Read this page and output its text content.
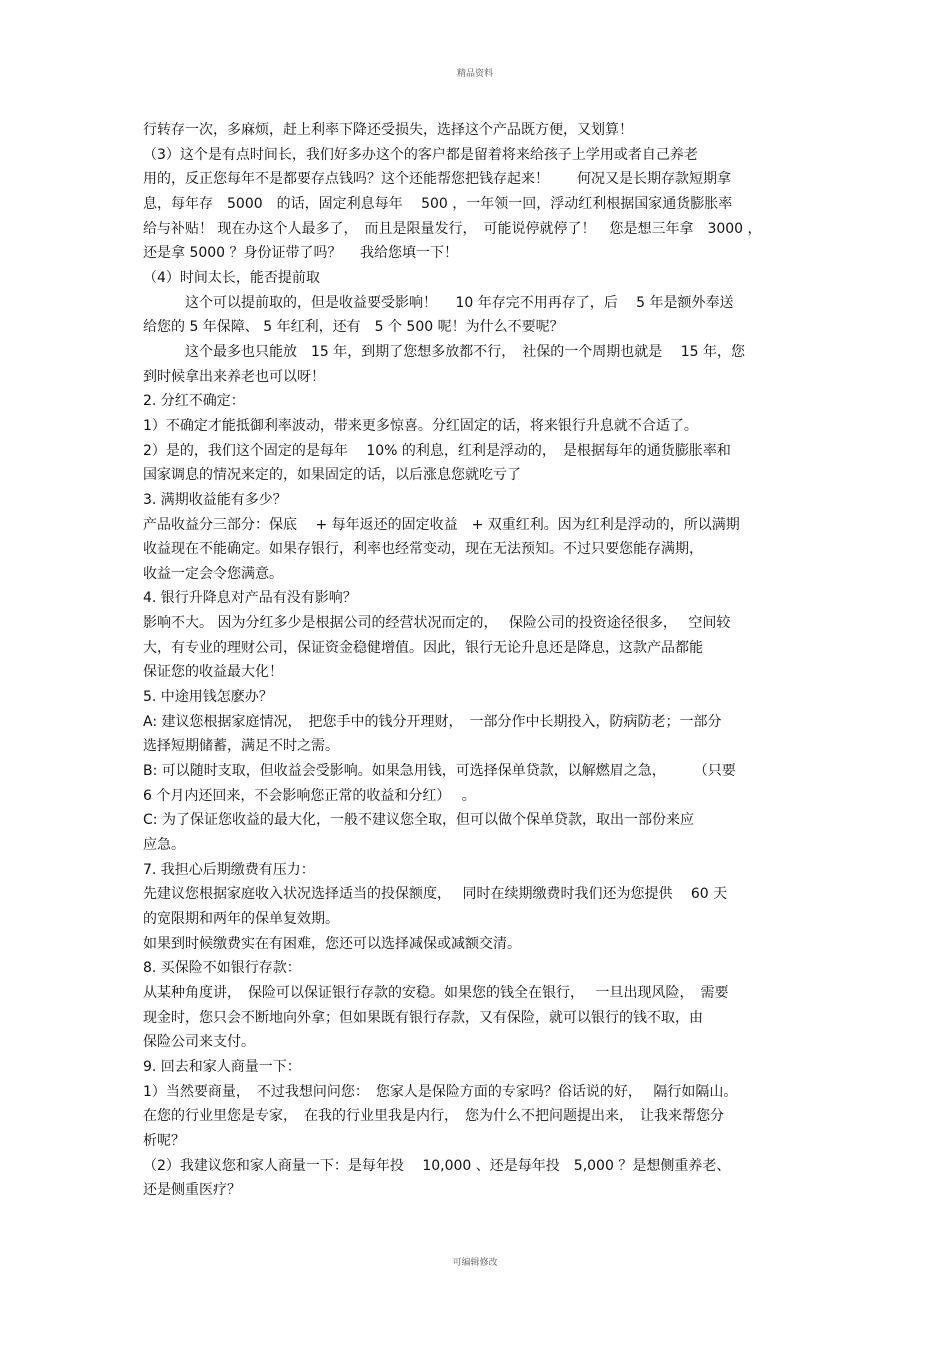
精品资料
行转存一次，多麻烦，赶上利率下降还受损失，选择这个产品既方便，又划算！
（3）这个是有点时间长，我们好多办这个的客户都是留着将来给孩子上学用或者自己养老
用的，反正您每年不是都要存点钱吗？这个还能帮您把钱存起来！　　何况又是长期存款短期拿
息，每年存　5000　的话，固定利息每年　 500 ，一年领一回，浮动红利根据国家通货膨胀率
给与补贴！ 现在办这个人最多了，　而且是限量发行，　可能说停就停了！　您是想三年拿　3000 ，
还是拿 5000 ？身份证带了吗？　 我给您填一下！
（4）时间太长，能否提前取
这个可以提前取的，但是收益要受影响！　 10 年存完不用再存了，后　 5 年是额外奉送
给您的 5 年保障、 5 年红利，还有　5 个 500 呢！为什么不要呢？
这个最多也只能放　15 年，到期了您想多放都不行，　社保的一个周期也就是　 15 年，您
到时候拿出来养老也可以呀！
2. 分红不确定：
1）不确定才能抵御利率波动，带来更多惊喜。分红固定的话，将来银行升息就不合适了。
2）是的，我们这个固定的是每年　 10% 的利息，红利是浮动的，　是根据每年的通货膨胀率和
国家调息的情况来定的，如果固定的话，以后涨息您就吃亏了
3. 满期收益能有多少？
产品收益分三部分：保底　 + 每年返还的固定收益　+ 双重红利。因为红利是浮动的，所以满期
收益现在不能确定。如果存银行，利率也经常变动，现在无法预知。不过只要您能存满期，
收益一定会令您满意。
4. 银行升降息对产品有没有影响？
影响不大。 因为分红多少是根据公司的经营状况而定的，　 保险公司的投资途径很多，　 空间较
大，有专业的理财公司，保证资金稳健增值。因此，银行无论升息还是降息，这款产品都能
保证您的收益最大化！
5. 中途用钱怎麽办？
A: 建议您根据家庭情况，　把您手中的钱分开理财，　一部分作中长期投入，防病防老；一部分
选择短期储蓄，满足不时之需。
B: 可以随时支取，但收益会受影响。如果急用钱，可选择保单贷款，以解燃眉之急，　　　（只要
6 个月内还回来，不会影响您正常的收益和分红）　 。
C: 为了保证您收益的最大化，一般不建议您全取，但可以做个保单贷款，取出一部份来应
应急。
7. 我担心后期缴费有压力：
先建议您根据家庭收入状况选择适当的投保额度，　 同时在续期缴费时我们还为您提供　 60 天
的宽限期和两年的保单复效期。
如果到时候缴费实在有困难，您还可以选择减保或减额交清。
8. 买保险不如银行存款：
从某种角度讲，　保险可以保证银行存款的安稳。如果您的钱全在银行，　 一旦出现风险，　需要
现金时，您只会不断地向外拿；但如果既有银行存款，又有保险，就可以银行的钱不取，由
保险公司来支付。
9. 回去和家人商量一下：
1）当然要商量，　不过我想问问您：　您家人是保险方面的专家吗？俗话说的好，　 隔行如隔山。
在您的行业里您是专家，　在我的行业里我是内行，　您为什么不把问题提出来，　让我来帮您分
析呢？
（2）我建议您和家人商量一下：是每年投　 10,000 、还是每年投　5,000 ？是想侧重养老、
还是侧重医疗？
可编辑修改
